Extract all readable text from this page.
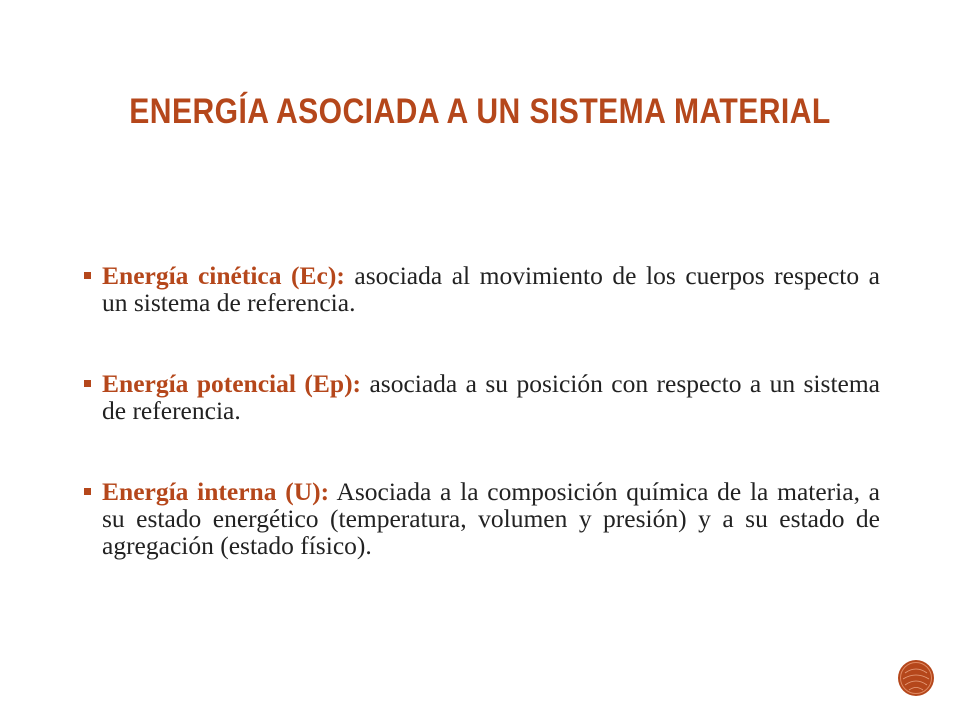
ENERGÍA ASOCIADA A UN SISTEMA MATERIAL
Energía cinética (Ec): asociada al movimiento de los cuerpos respecto a un sistema de referencia.
Energía potencial (Ep): asociada a su posición con respecto a un sistema de referencia.
Energía interna (U): Asociada a la composición química de la materia, a su estado energético (temperatura, volumen y presión) y a su estado de agregación (estado físico).
